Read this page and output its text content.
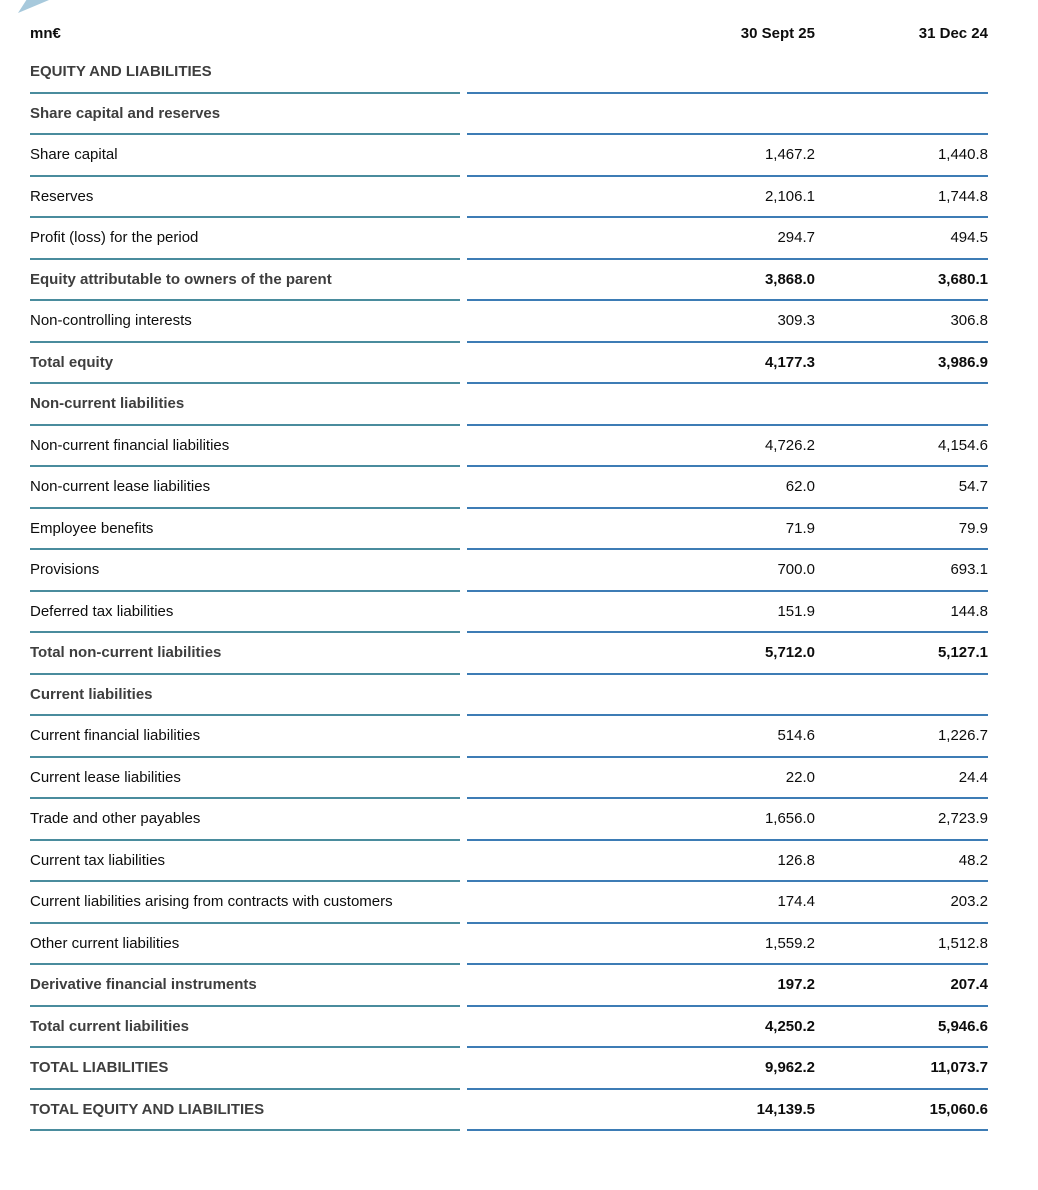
mn€	30 Sept 25	31 Dec 24
EQUITY AND LIABILITIES
Share capital and reserves
Share capital	1,467.2	1,440.8
Reserves	2,106.1	1,744.8
Profit (loss) for the period	294.7	494.5
Equity attributable to owners of the parent	3,868.0	3,680.1
Non-controlling interests	309.3	306.8
Total equity	4,177.3	3,986.9
Non-current liabilities
Non-current financial liabilities	4,726.2	4,154.6
Non-current lease liabilities	62.0	54.7
Employee benefits	71.9	79.9
Provisions	700.0	693.1
Deferred tax liabilities	151.9	144.8
Total non-current liabilities	5,712.0	5,127.1
Current liabilities
Current financial liabilities	514.6	1,226.7
Current lease liabilities	22.0	24.4
Trade and other payables	1,656.0	2,723.9
Current tax liabilities	126.8	48.2
Current liabilities arising from contracts with customers	174.4	203.2
Other current liabilities	1,559.2	1,512.8
Derivative financial instruments	197.2	207.4
Total current liabilities	4,250.2	5,946.6
TOTAL LIABILITIES	9,962.2	11,073.7
TOTAL EQUITY AND LIABILITIES	14,139.5	15,060.6
